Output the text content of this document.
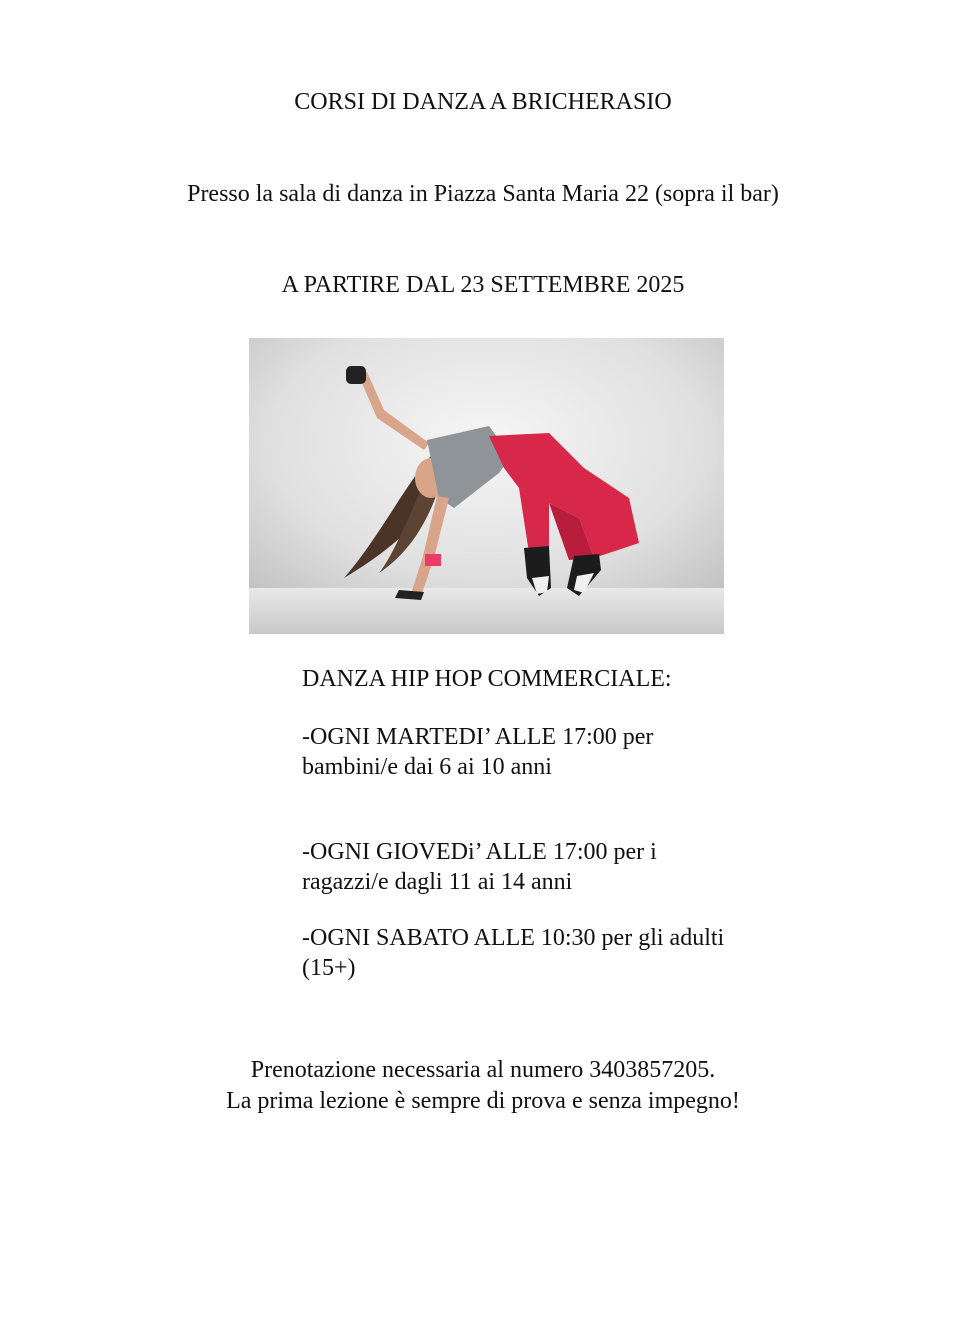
CORSI DI DANZA A BRICHERASIO
Presso la sala di danza in Piazza Santa Maria 22 (sopra il bar)
A PARTIRE DAL 23 SETTEMBRE 2025
DANZA HIP HOP COMMERCIALE:
-OGNI MARTEDI’ ALLE 17:00 per
bambini/e dai 6 ai 10 anni
-OGNI GIOVEDi’ ALLE 17:00 per i
ragazzi/e dagli 11 ai 14 anni
-OGNI SABATO ALLE 10:30 per gli adulti
(15+)
Prenotazione necessaria al numero 3403857205.
La prima lezione è sempre di prova e senza impegno!
